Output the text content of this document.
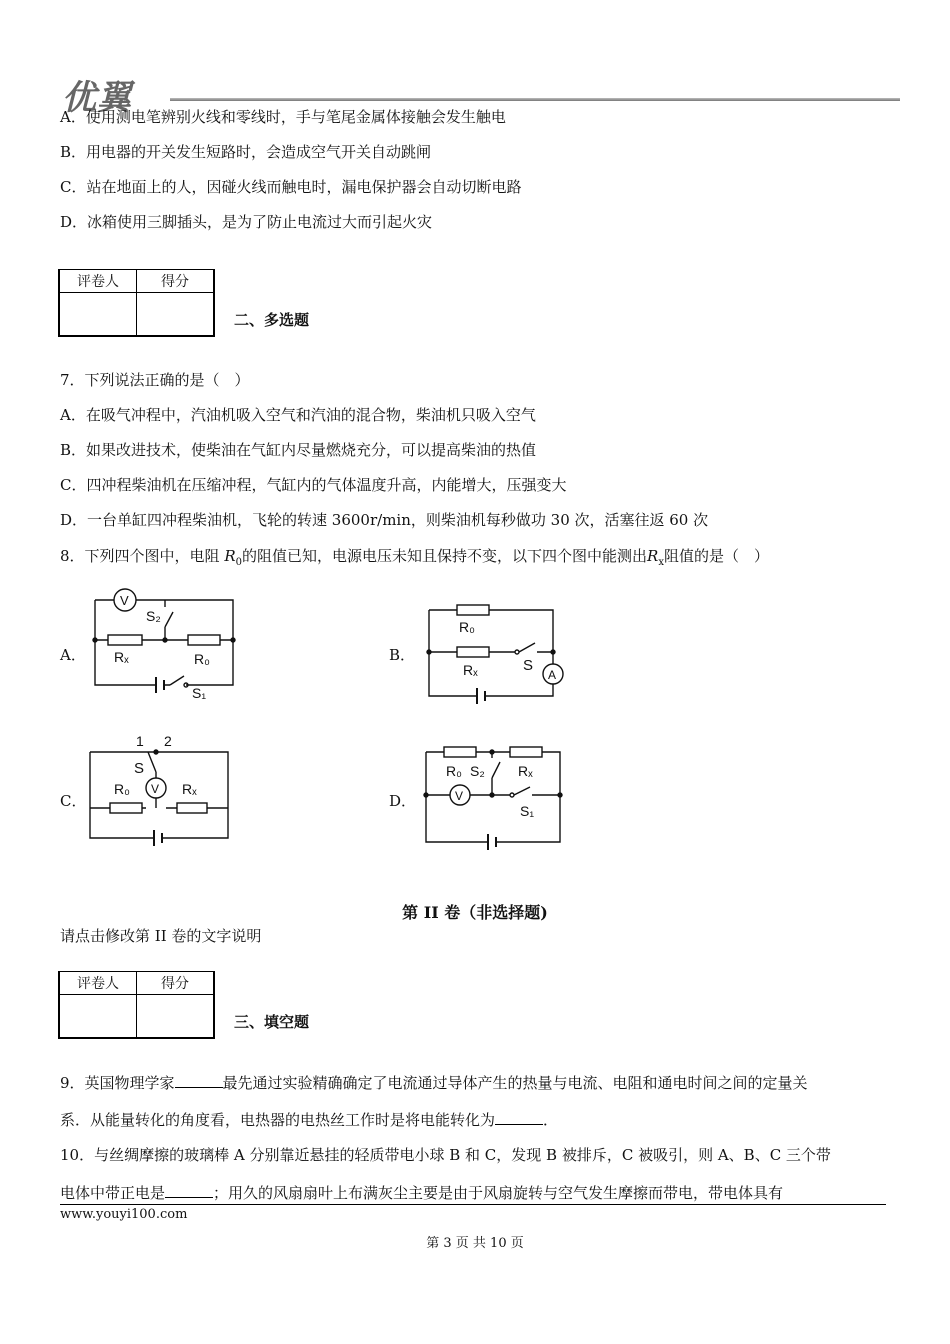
优翼
A．使用测电笔辨别火线和零线时，手与笔尾金属体接触会发生触电
B．用电器的开关发生短路时，会造成空气开关自动跳闸
C．站在地面上的人，因碰火线而触电时，漏电保护器会自动切断电路
D．冰箱使用三脚插头，是为了防止电流过大而引起火灾
评卷人	得分

二、多选题
7．下列说法正确的是（　）
A．在吸气冲程中，汽油机吸入空气和汽油的混合物，柴油机只吸入空气
B．如果改进技术，使柴油在气缸内尽量燃烧充分，可以提高柴油的热值
C．四冲程柴油机在压缩冲程，气缸内的气体温度升高，内能增大，压强变大
D．一台单缸四冲程柴油机，飞轮的转速 3600r/min，则柴油机每秒做功 30 次，活塞往返 60 次
8．下列四个图中，电阻 $R_0$的阻值已知，电源电压未知且保持不变，以下四个图中能测出$R_x$阻值的是（　）
A．	B．
C．	D．
V
S₁
Rₓ	R₀
S₂
R₀
Rₓ	S
A
V
1 2
S
R₀	Rₓ
R₀	Rₓ
S₂
V
S₁
第 II 卷（非选择题)
请点击修改第 II 卷的文字说明
评卷人	得分

三、填空题
9．英国物理学家	最先通过实验精确确定了电流通过导体产生的热量与电流、电阻和通电时间之间的定量关
系．从能量转化的角度看，电热器的电热丝工作时是将电能转化为	．
10．与丝绸摩擦的玻璃棒 A 分别靠近悬挂的轻质带电小球 B 和 C，发现 B 被排斥，C 被吸引，则 A、B、C 三个带
电体中带正电是	；用久的风扇扇叶上布满灰尘主要是由于风扇旋转与空气发生摩擦而带电，带电体具有
www.youyi100.com
第 3 页 共 10 页
